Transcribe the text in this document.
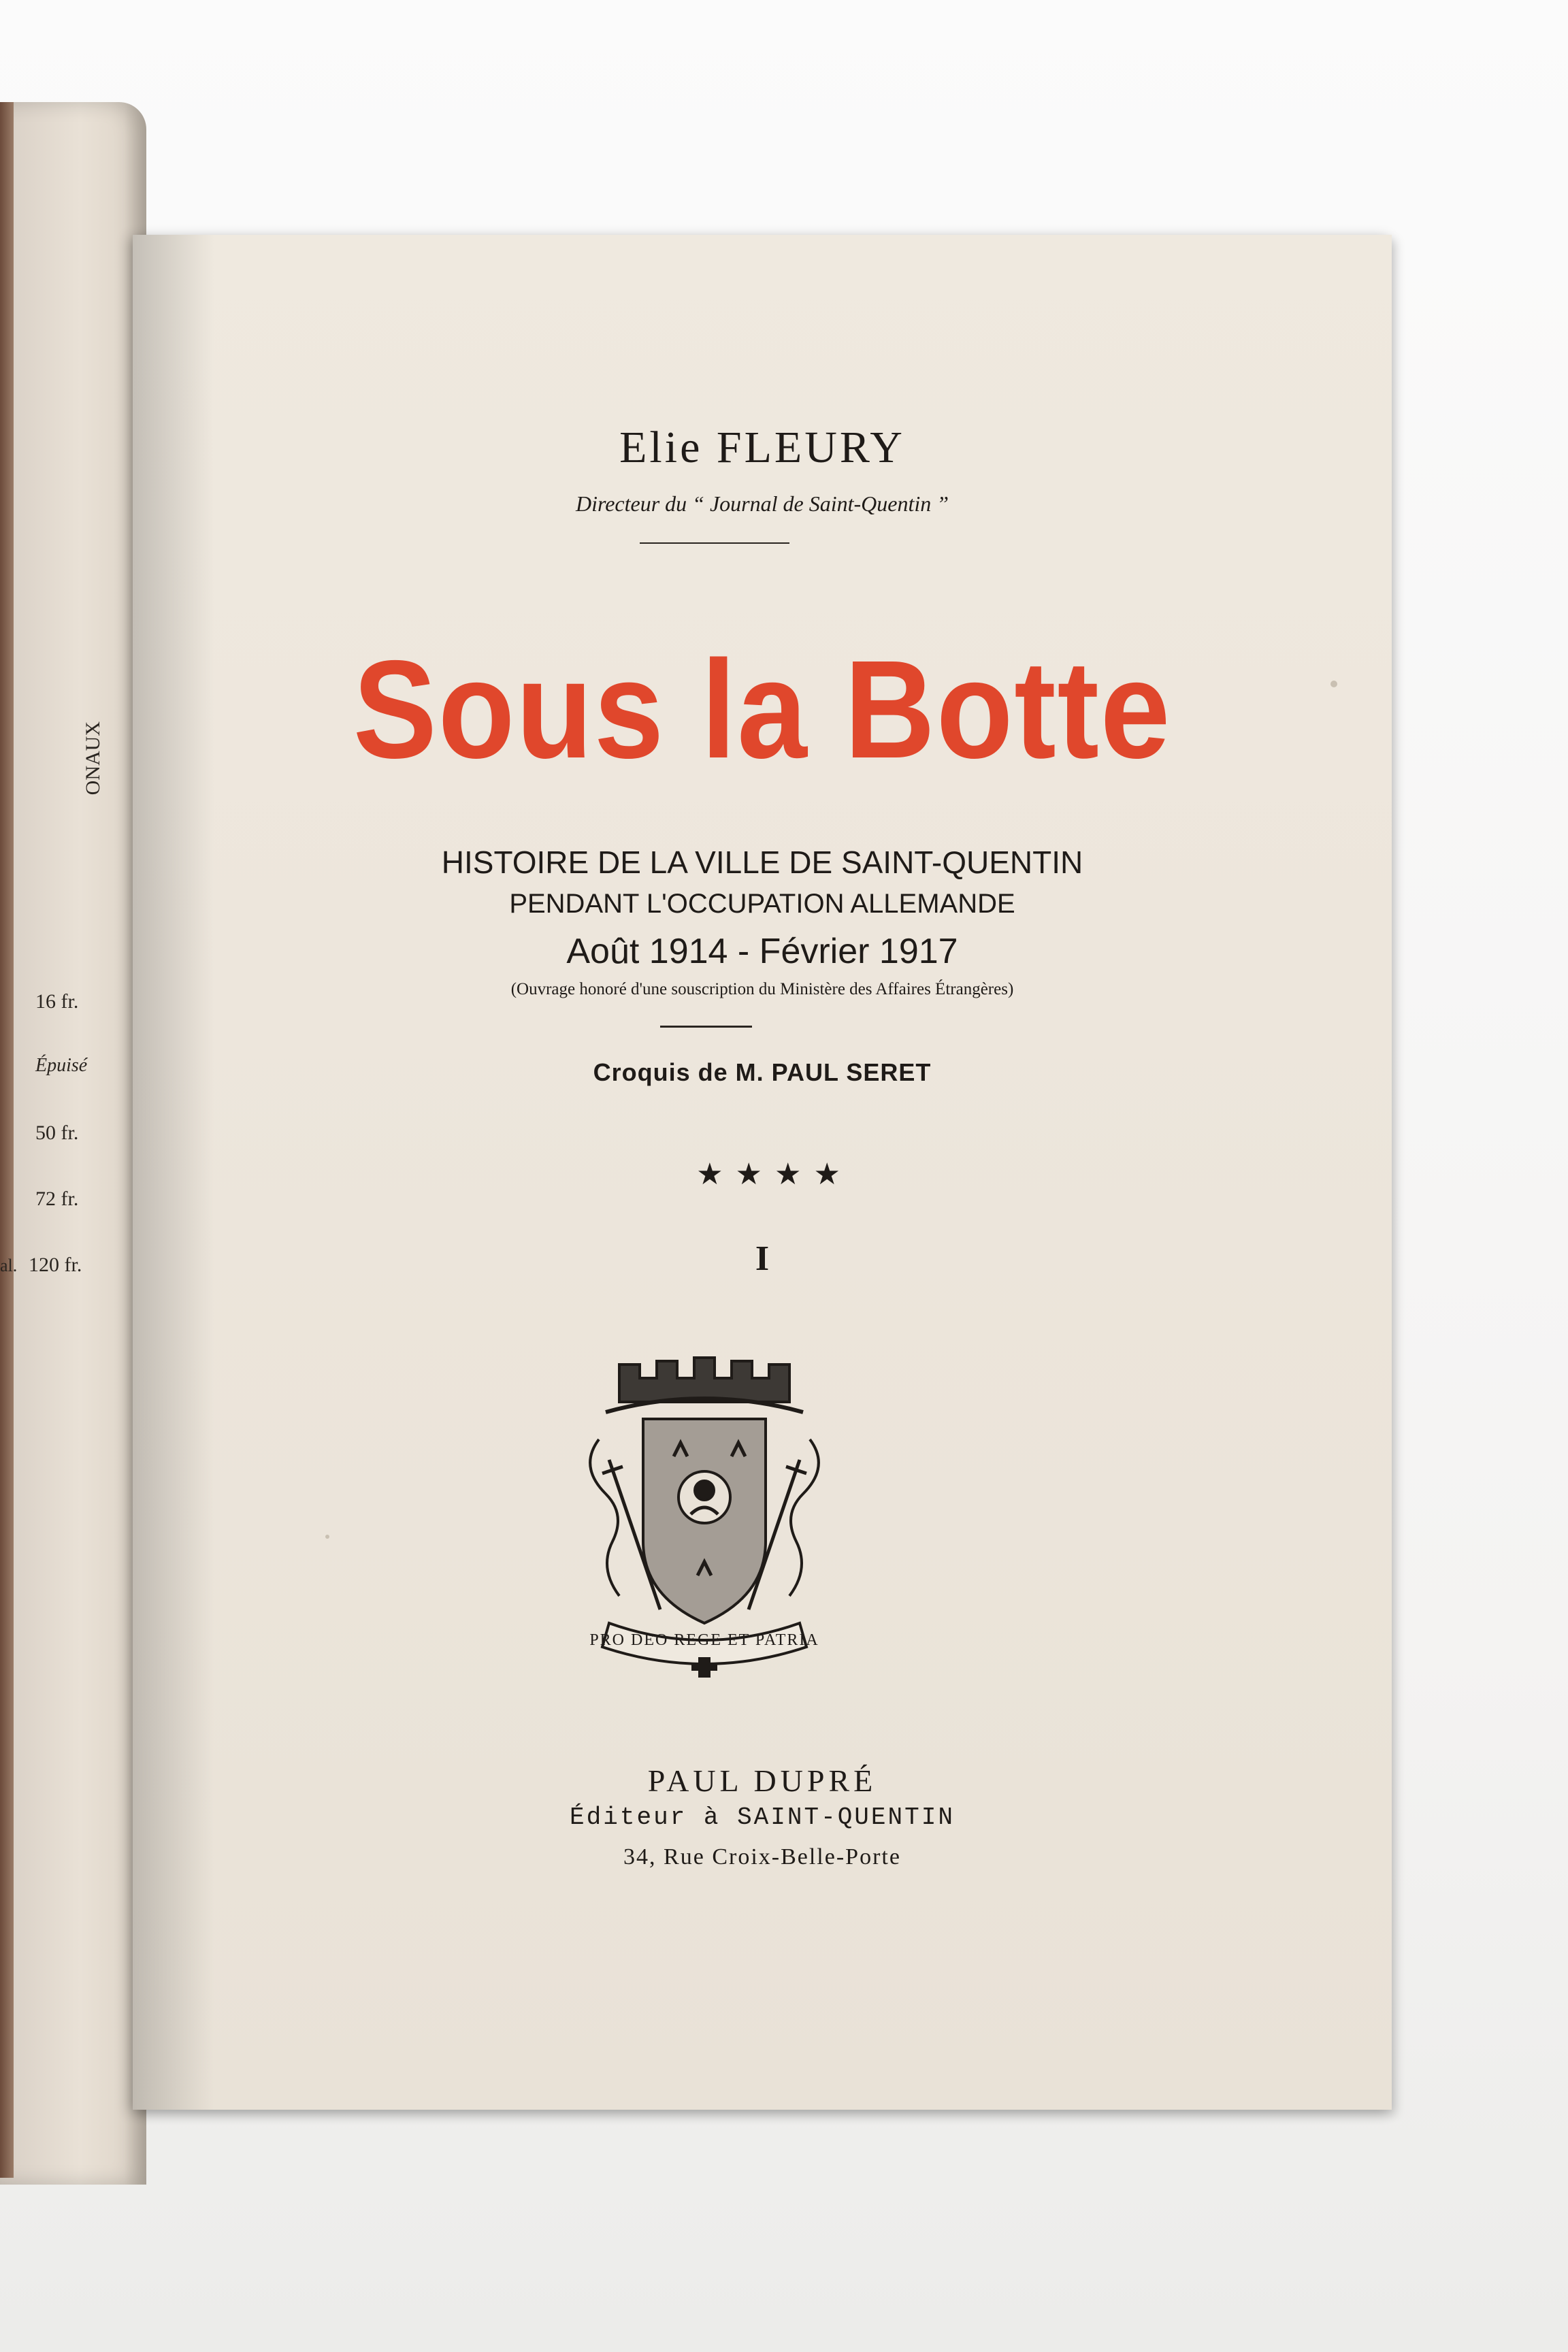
ONAUX
16 fr.
Épuisé
50 fr.
72 fr.
al. 120 fr.
Elie FLEURY
Directeur du “ Journal de Saint-Quentin ”
Sous la Botte
HISTOIRE DE LA VILLE DE SAINT-QUENTIN
PENDANT L'OCCUPATION ALLEMANDE
Août 1914 - Février 1917
(Ouvrage honoré d'une souscription du Ministère des Affaires Étrangères)
Croquis de M. PAUL SERET
★★★★
I
PRO DEO REGE ET PATRIA
PAUL DUPRÉ
Éditeur à SAINT-QUENTIN
34, Rue Croix-Belle-Porte
